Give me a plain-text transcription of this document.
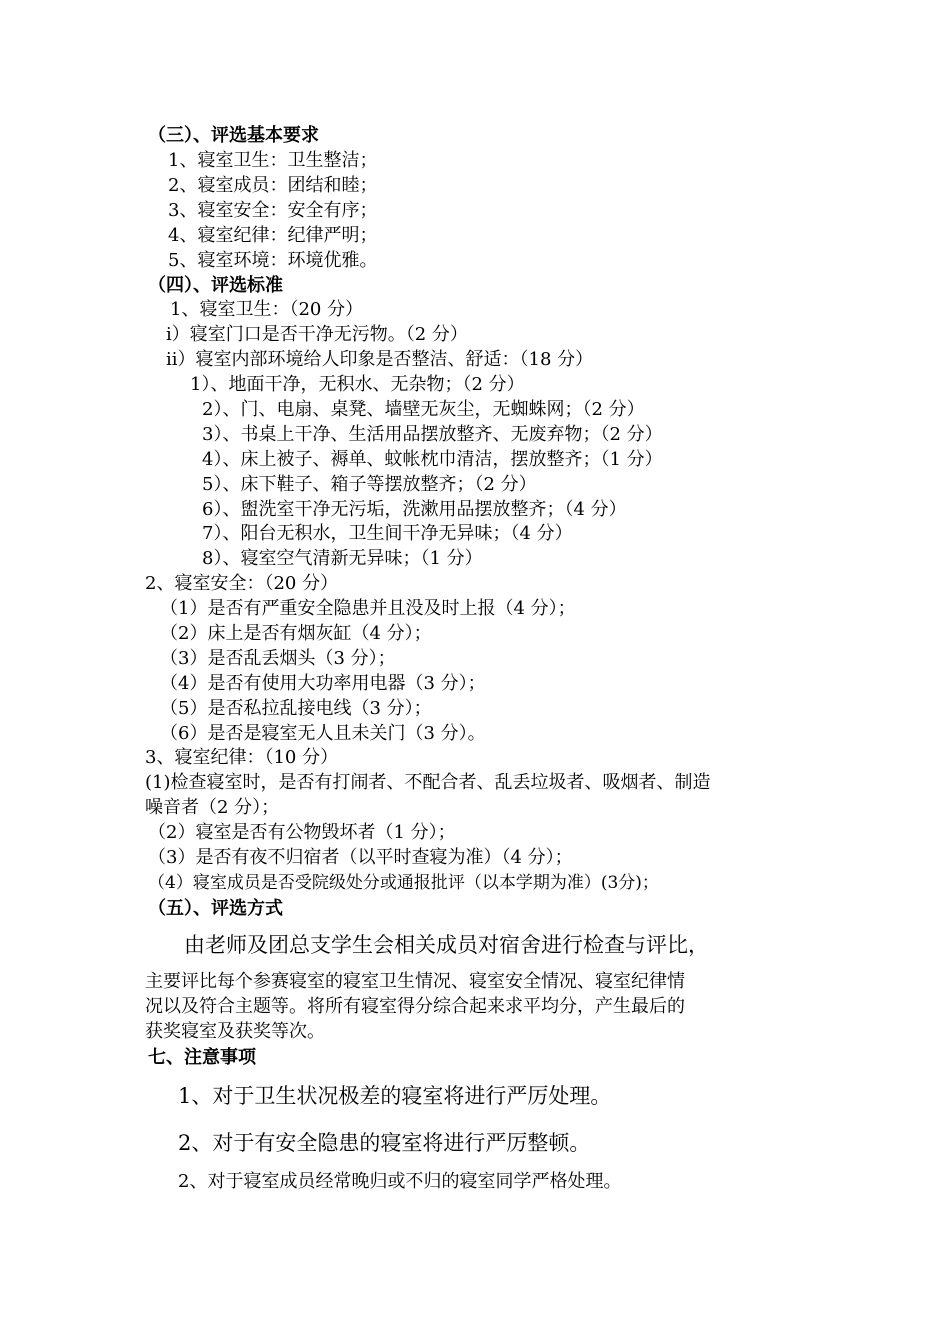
（三）、评选基本要求
1、寝室卫生：卫生整洁；
2、寝室成员：团结和睦；
3、寝室安全：安全有序；
4、寝室纪律：纪律严明；
5、寝室环境：环境优雅。
（四）、评选标准
1、寝室卫生：（20 分）
i）寝室门口是否干净无污物。（2 分）
ii）寝室内部环境给人印象是否整洁、舒适：（18 分）
1）、地面干净，无积水、无杂物；（2 分）
2）、门、电扇、桌凳、墙壁无灰尘，无蜘蛛网；（2 分）
3）、书桌上干净、生活用品摆放整齐、无废弃物；（2 分）
4）、床上被子、褥单、蚊帐枕巾清洁，摆放整齐；（1 分）
5）、床下鞋子、箱子等摆放整齐；（2 分）
6）、盥洗室干净无污垢，洗漱用品摆放整齐；（4 分）
7）、阳台无积水，卫生间干净无异味；（4 分）
8）、寝室空气清新无异味；（1 分）
2、寝室安全：（20 分）
（1）是否有严重安全隐患并且没及时上报（4 分）；
（2）床上是否有烟灰缸（4 分）；
（3）是否乱丢烟头（3 分）；
（4）是否有使用大功率用电器（3 分）；
（5）是否私拉乱接电线（3 分）；
（6）是否是寝室无人且未关门（3 分）。
3、寝室纪律：（10 分）
(1)检查寝室时，是否有打闹者、不配合者、乱丢垃圾者、吸烟者、制造
噪音者（2 分）；
（2）寝室是否有公物毁坏者（1 分）；
（3）是否有夜不归宿者（以平时查寝为准）（4 分）；
（4）寝室成员是否受院级处分或通报批评（以本学期为准）(3分)；
（五）、评选方式
由老师及团总支学生会相关成员对宿舍进行检查与评比，
主要评比每个参赛寝室的寝室卫生情况、寝室安全情况、寝室纪律情
况以及符合主题等。将所有寝室得分综合起来求平均分，产生最后的
获奖寝室及获奖等次。
七、注意事项
1、对于卫生状况极差的寝室将进行严厉处理。
2、对于有安全隐患的寝室将进行严厉整顿。
2、对于寝室成员经常晚归或不归的寝室同学严格处理。
